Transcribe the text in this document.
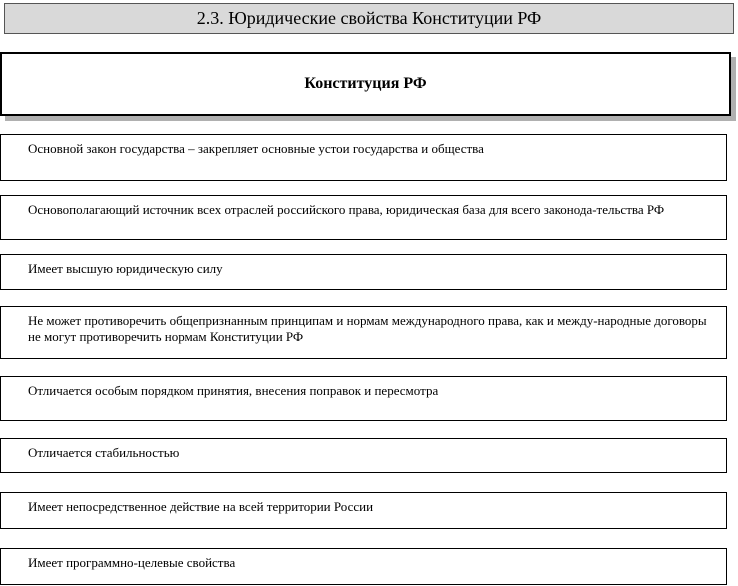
2.3. Юридические свойства Конституции РФ
Конституция РФ
Основной закон государства – закрепляет основные устои государства и общества
Основополагающий источник всех отраслей российского права, юридическая база для всего законода-тельства РФ
Имеет высшую юридическую силу
Не может противоречить общепризнанным принципам и нормам международного права, как и между-народные договоры не могут противоречить нормам Конституции РФ
Отличается особым порядком принятия, внесения поправок и пересмотра
Отличается стабильностью
Имеет непосредственное действие на всей территории России
Имеет программно-целевые свойства
